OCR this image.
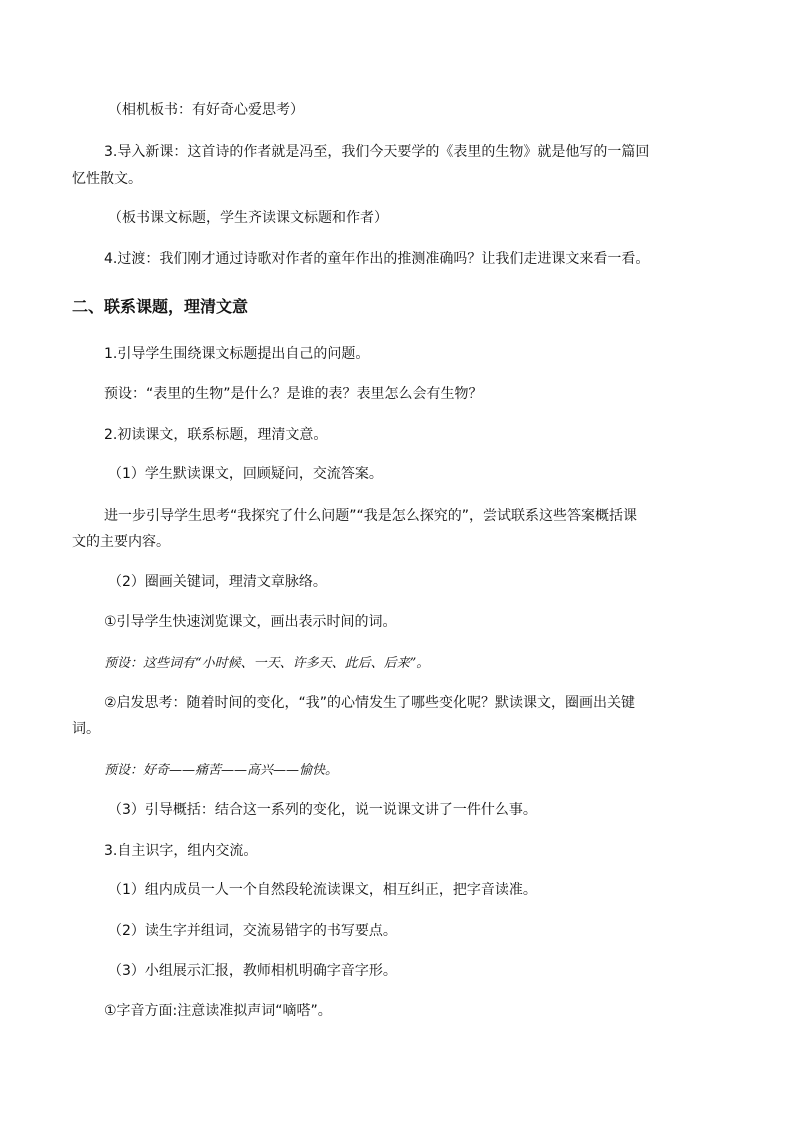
（相机板书：有好奇心爱思考）
3.导入新课：这首诗的作者就是冯至，我们今天要学的《表里的生物》就是他写的一篇回
忆性散文。
（板书课文标题，学生齐读课文标题和作者）
4.过渡：我们刚才通过诗歌对作者的童年作出的推测准确吗？让我们走进课文来看一看。
二、联系课题，理清文意
1.引导学生围绕课文标题提出自己的问题。
预设：“表里的生物”是什么？是谁的表？表里怎么会有生物？
2.初读课文，联系标题，理清文意。
（1）学生默读课文，回顾疑问，交流答案。
进一步引导学生思考“我探究了什么问题”“我是怎么探究的”，尝试联系这些答案概括课
文的主要内容。
（2）圈画关键词，理清文章脉络。
①引导学生快速浏览课文，画出表示时间的词。
预设：这些词有“小时候、一天、许多天、此后、后来”。
②启发思考：随着时间的变化，“我”的心情发生了哪些变化呢？默读课文，圈画出关键
词。
预设：好奇——痛苦——高兴——愉快。
（3）引导概括：结合这一系列的变化，说一说课文讲了一件什么事。
3.自主识字，组内交流。
（1）组内成员一人一个自然段轮流读课文，相互纠正，把字音读准。
（2）读生字并组词，交流易错字的书写要点。
（3）小组展示汇报，教师相机明确字音字形。
①字音方面:注意读准拟声词“嘀嗒”。
